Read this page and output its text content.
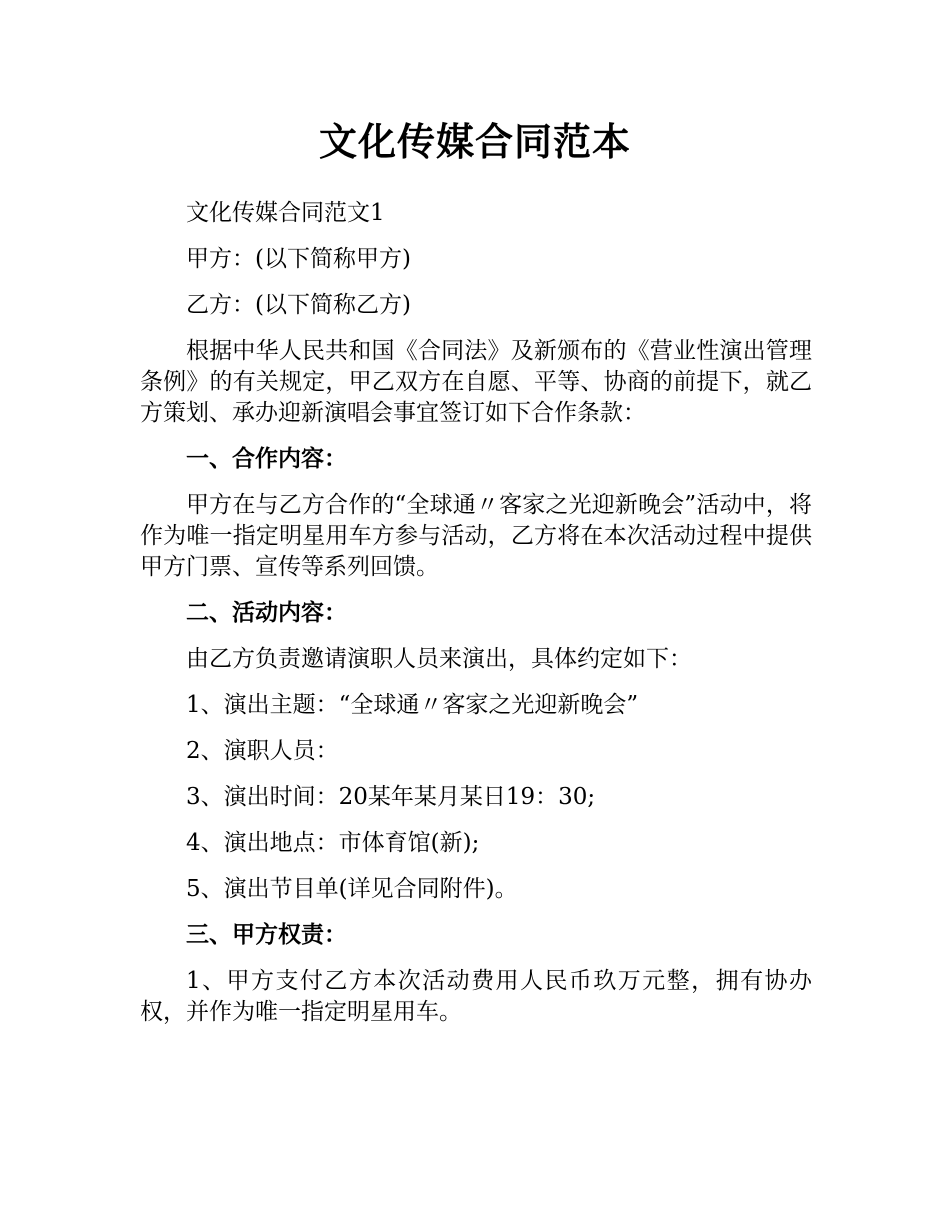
文化传媒合同范本

文化传媒合同范文1

甲方：(以下简称甲方)

乙方：(以下简称乙方)

根据中华人民共和国《合同法》及新颁布的《营业性演出管理条例》的有关规定，甲乙双方在自愿、平等、协商的前提下，就乙方策划、承办迎新演唱会事宜签订如下合作条款：

一、合作内容：

甲方在与乙方合作的“全球通〃客家之光迎新晚会”活动中，将作为唯一指定明星用车方参与活动，乙方将在本次活动过程中提供甲方门票、宣传等系列回馈。

二、活动内容：

由乙方负责邀请演职人员来演出，具体约定如下：

1、演出主题：“全球通〃客家之光迎新晚会”

2、演职人员：

3、演出时间：20某年某月某日19：30;

4、演出地点：市体育馆(新);

5、演出节目单(详见合同附件)。

三、甲方权责：

1、甲方支付乙方本次活动费用人民币玖万元整，拥有协办权，并作为唯一指定明星用车。
